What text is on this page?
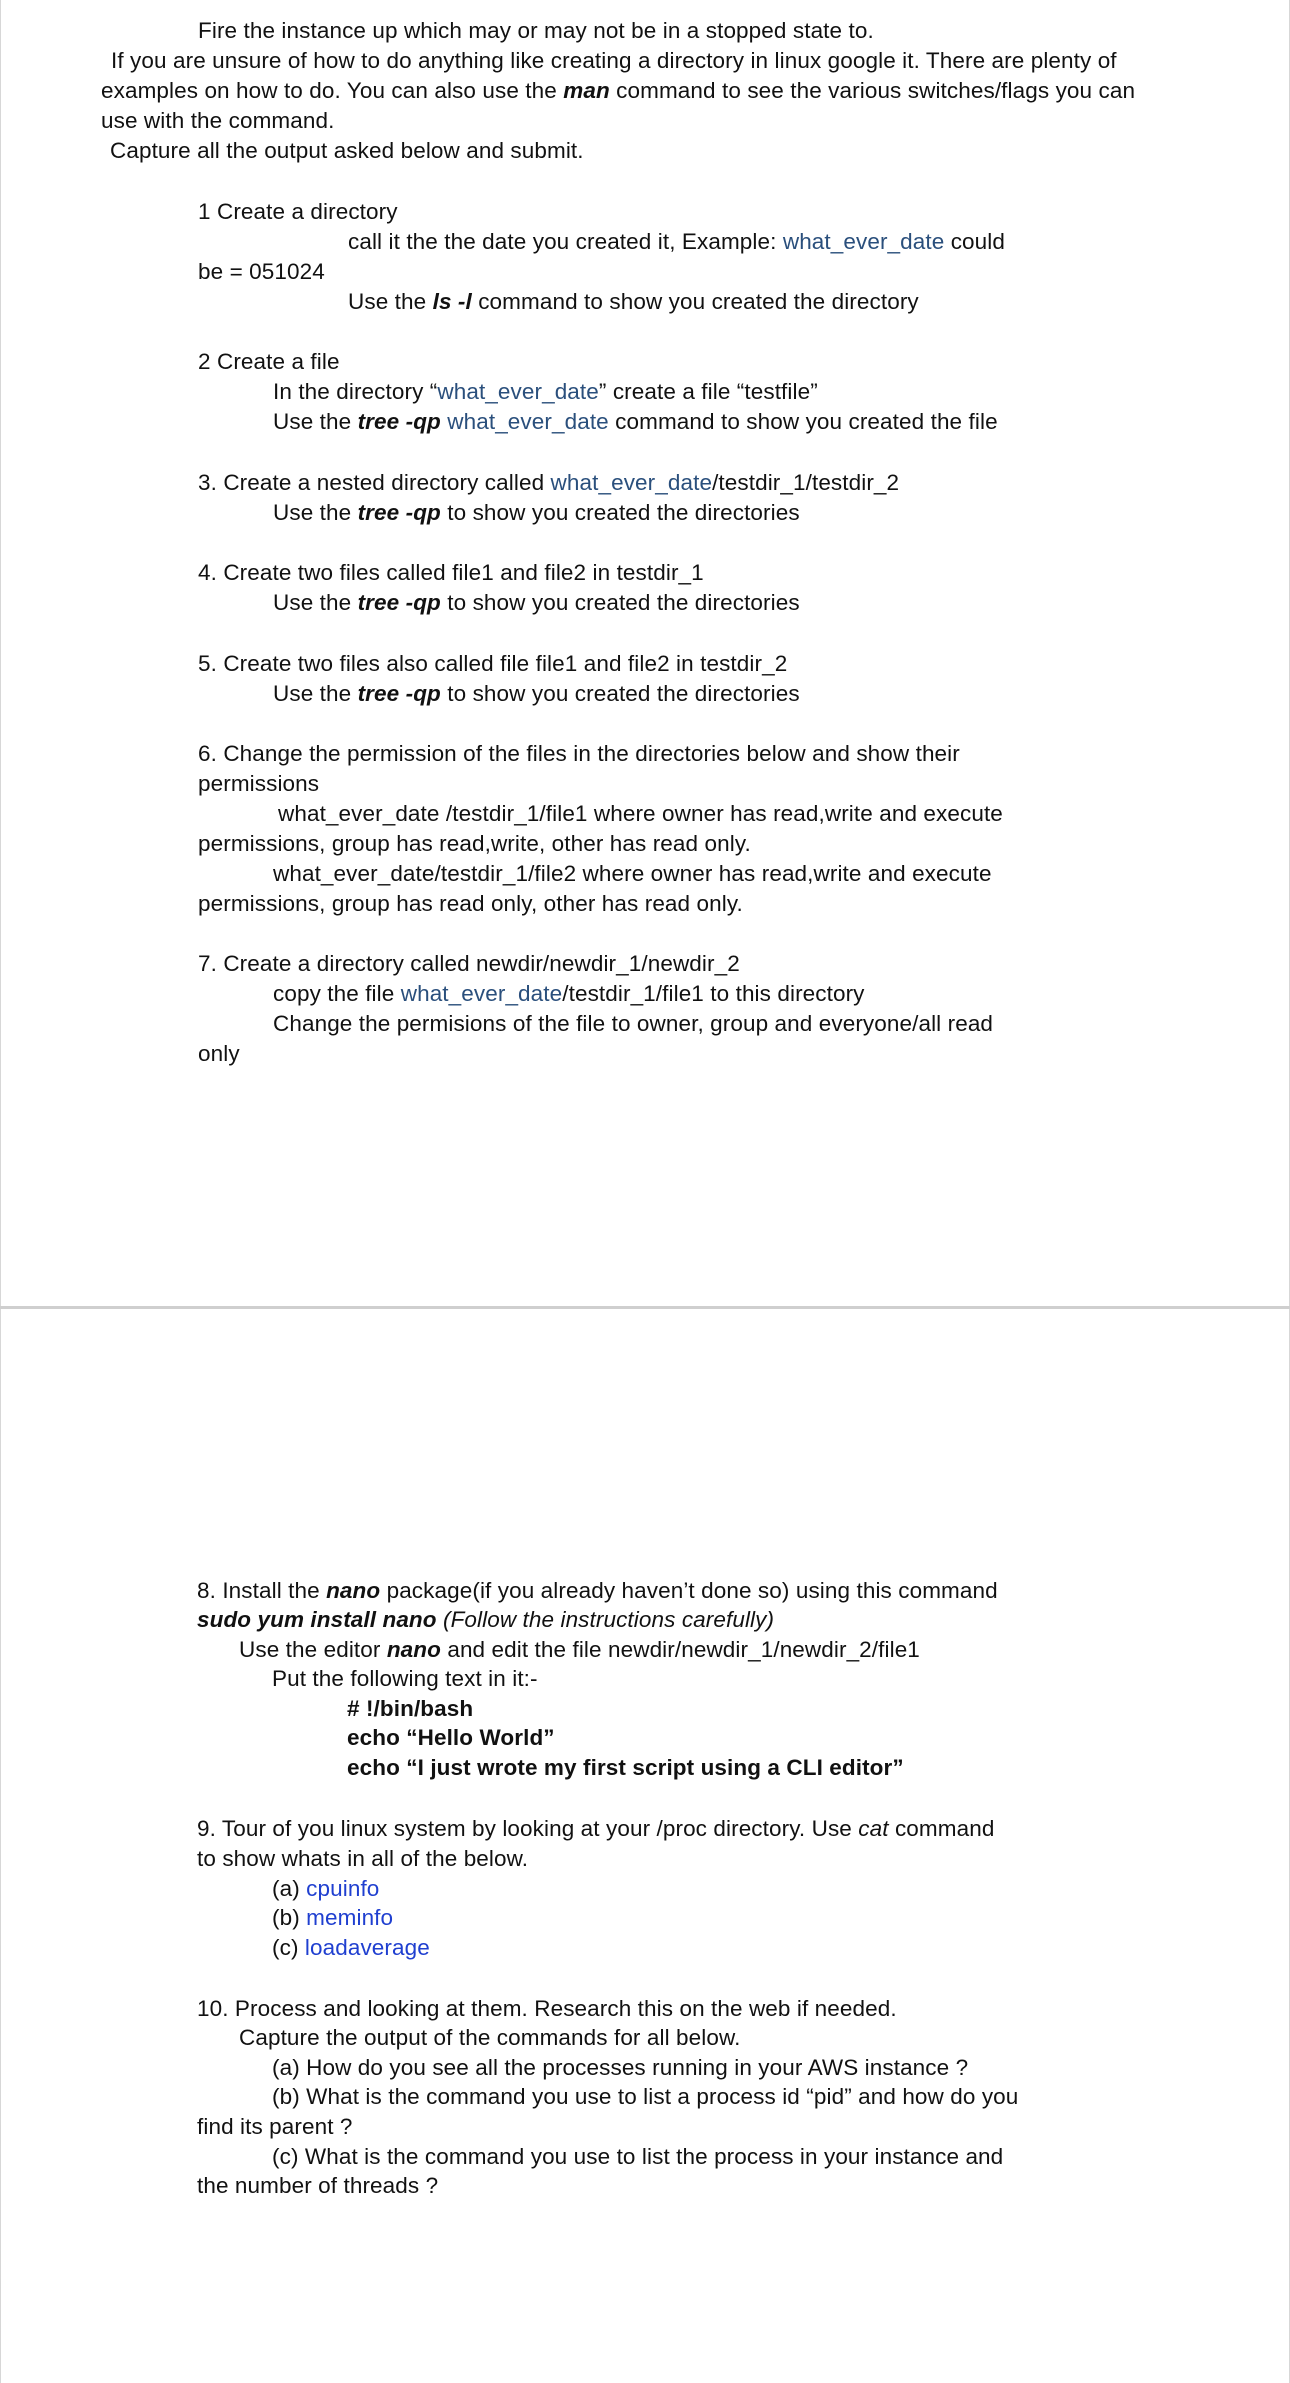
Fire the instance up which may or may not be in a stopped state to.
If you are unsure of how to do anything like creating a directory in linux google it. There are plenty of
examples on how to do. You can also use the man command to see the various switches/flags you can
use with the command.
Capture all the output asked below and submit.
1 Create a directory
call it the the date you created it, Example: what_ever_date could
be = 051024
Use the ls -l command to show you created the directory
2 Create a file
In the directory “what_ever_date” create a file “testfile”
Use the tree -qp what_ever_date command to show you created the file
3. Create a nested directory called what_ever_date/testdir_1/testdir_2
Use the tree -qp to show you created the directories
4. Create two files called file1 and file2 in testdir_1
Use the tree -qp to show you created the directories
5. Create two files also called file file1 and file2 in testdir_2
Use the tree -qp to show you created the directories
6. Change the permission of the files in the directories below and show their
permissions
what_ever_date /testdir_1/file1 where owner has read,write and execute
permissions, group has read,write, other has read only.
what_ever_date/testdir_1/file2 where owner has read,write and execute
permissions, group has read only, other has read only.
7. Create a directory called newdir/newdir_1/newdir_2
copy the file what_ever_date/testdir_1/file1 to this directory
Change the permisions of the file to owner, group and everyone/all read
only
8. Install the nano package(if you already haven’t done so) using this command
sudo yum install nano (Follow the instructions carefully)
Use the editor nano and edit the file newdir/newdir_1/newdir_2/file1
Put the following text in it:-
# !/bin/bash
echo “Hello World”
echo “I just wrote my first script using a CLI editor”
9. Tour of you linux system by looking at your /proc directory. Use cat command
to show whats in all of the below.
(a) cpuinfo
(b) meminfo
(c) loadaverage
10. Process and looking at them. Research this on the web if needed.
Capture the output of the commands for all below.
(a) How do you see all the processes running in your AWS instance ?
(b) What is the command you use to list a process id “pid” and how do you
find its parent ?
(c) What is the command you use to list the process in your instance and
the number of threads ?
